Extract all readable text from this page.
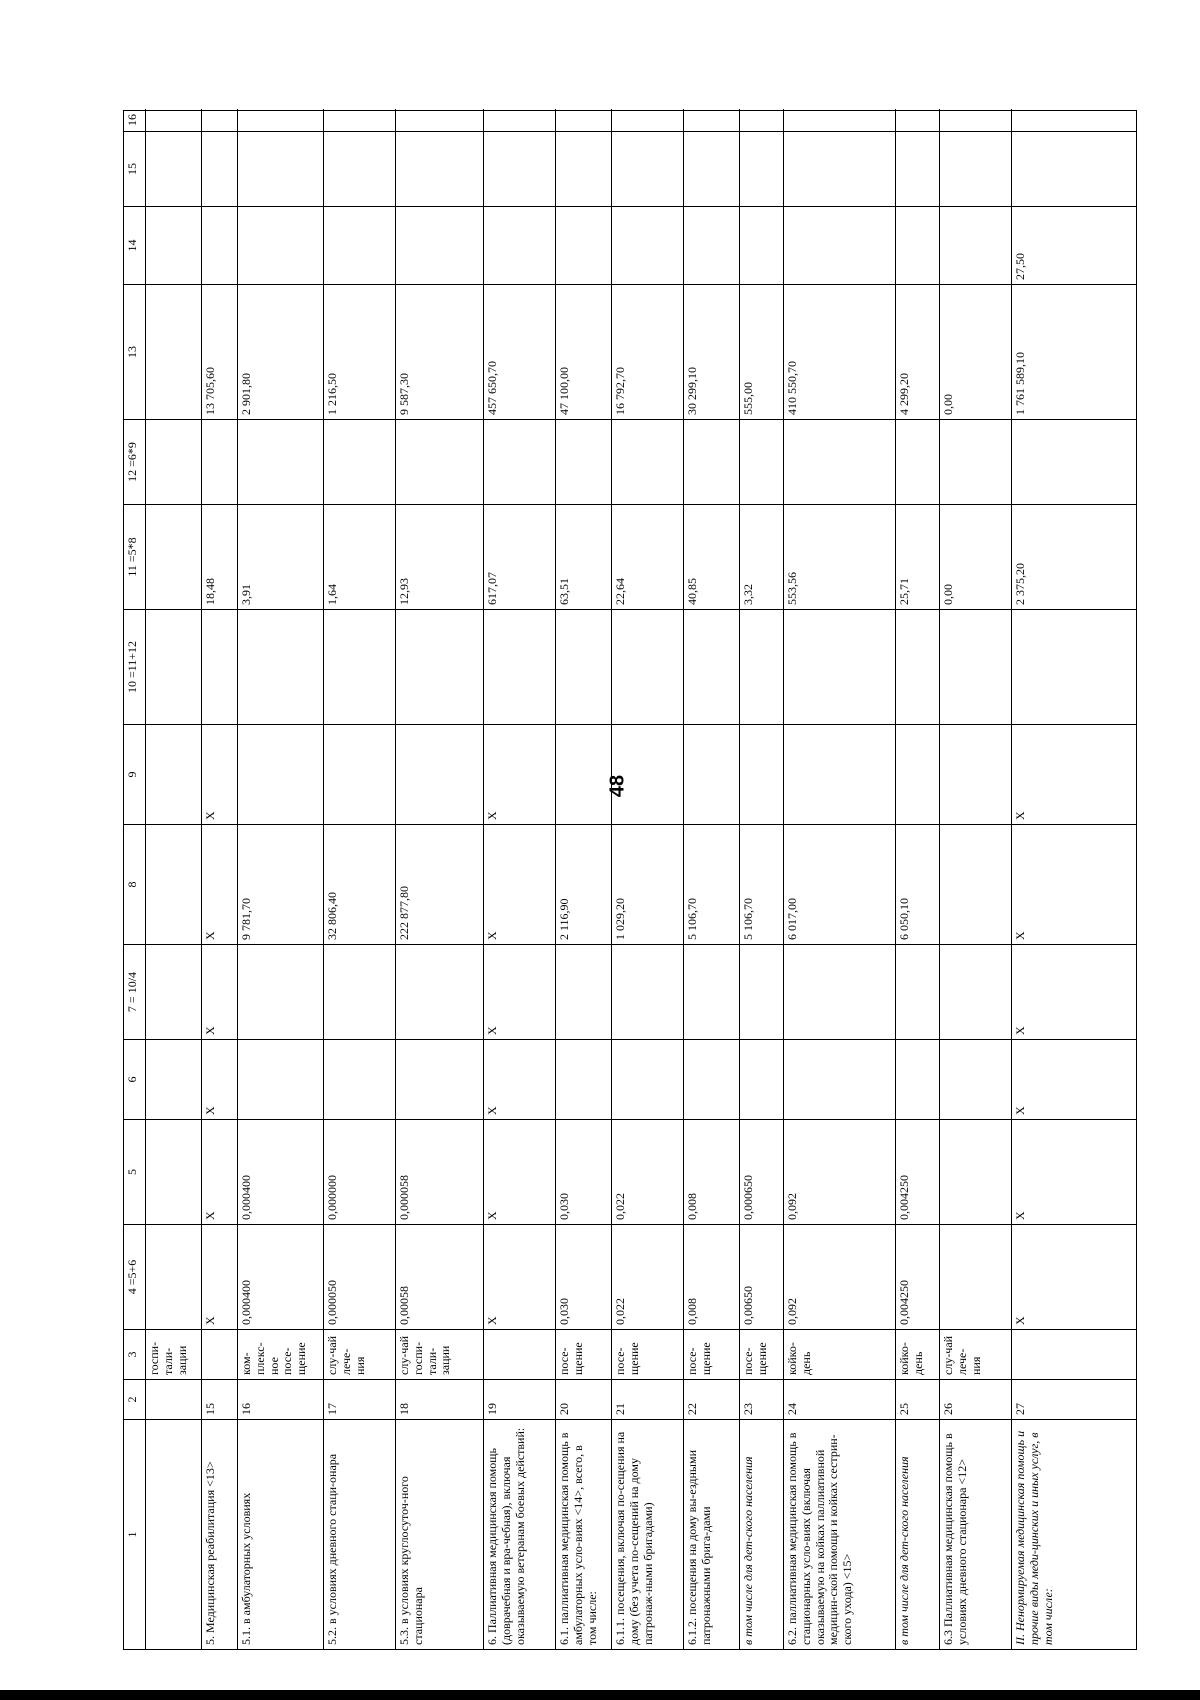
48
1
2
3
4 =5+6
5
6
7 = 10/4
8
9
10 =11+12
11 =5*8
12 =6*9
13
14
15
16
госпи-тали-зации
5. Медицинская реабилитация <13>
15
X
X
X
X
X
X
18,48
13 705,60
5.1. в амбулаторных условиях
16
ком-плекс-ное посе-щение
0,000400
0,000400
9 781,70
3,91
2 901,80
5.2. в условиях дневного стаци-онара
17
слу-чай лече-ния
0,000050
0,000000
32 806,40
1,64
1 216,50
5.3. в условиях круглосуточ-ного стационара
18
слу-чай госпи-тали-зации
0,00058
0,000058
222 877,80
12,93
9 587,30
6. Паллиативная медицинская помощь (доврачебная и вра-чебная), включая оказываемую ветеранам боевых действий:
19
X
X
X
X
X
X
617,07
457 650,70
6.1. паллиативная медицинская помощь в амбулаторных усло-виях <14>, всего, в том числе:
20
посе-щение
0,030
0,030
2 116,90
63,51
47 100,00
6.1.1. посещения, включая по-сещения на дому (без учета по-сещений на дому патронаж-ными бригадами)
21
посе-щение
0,022
0,022
1 029,20
22,64
16 792,70
6.1.2. посещения на дому вы-ездными патронажными брига-дами
22
посе-щение
0,008
0,008
5 106,70
40,85
30 299,10
в том числе для дет-ского населения
23
посе-щение
0,00650
0,000650
5 106,70
3,32
555,00
6.2. паллиативная медицинская помощь в стационарных усло-виях (включая оказываемую на койках паллиативной медицин-ской помощи и койках сестрин-ского ухода) <15>
24
койко-день
0,092
0,092
6 017,00
553,56
410 550,70
в том числе для дет-ского населения
25
койко-день
0,004250
0,004250
6 050,10
25,71
4 299,20
6.3 Паллиативная медицинская помощь в условиях дневного стационара <12>
26
слу-чай лече-ния
0,00
0,00
II. Ненормируемая медицинская помощь и прочие виды меди-цинских и иных услуг, в том числе:
27
X
X
X
X
X
X
2 375,20
1 761 589,10
27,50
